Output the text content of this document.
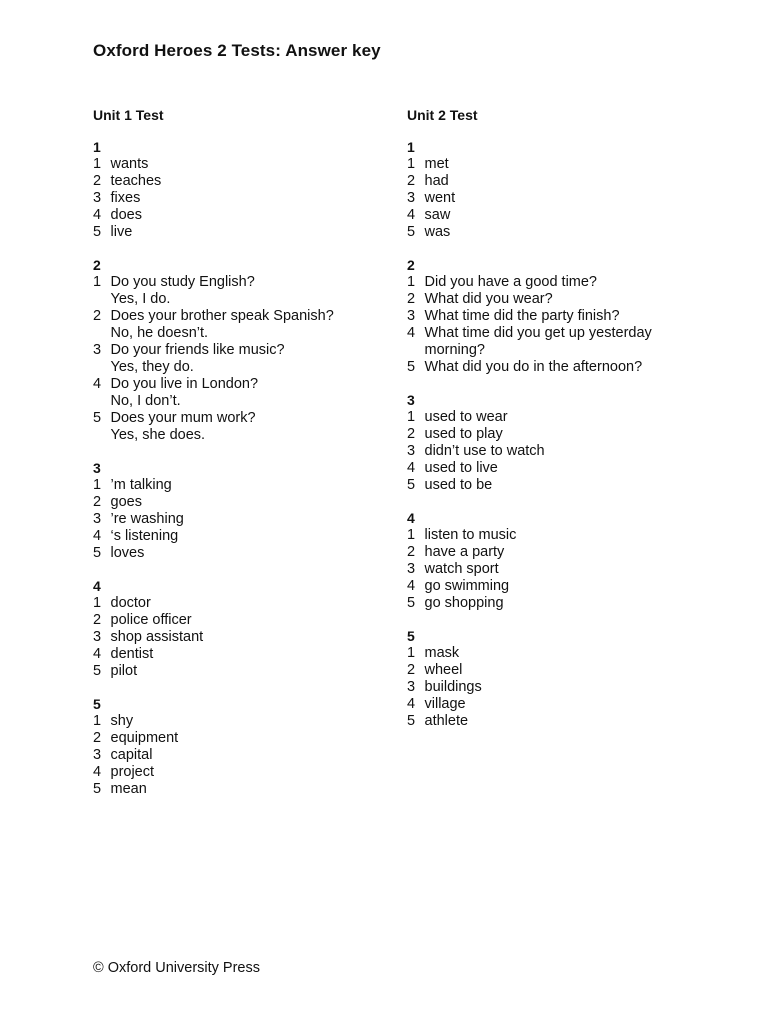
Oxford Heroes 2 Tests: Answer key
Unit 1 Test
1
1 wants
2 teaches
3 fixes
4 does
5 live
2
1 Do you study English?
Yes, I do.
2 Does your brother speak Spanish?
No, he doesn’t.
3 Do your friends like music?
Yes, they do.
4 Do you live in London?
No, I don’t.
5 Does your mum work?
Yes, she does.
3
1 ’m talking
2 goes
3 ’re washing
4 ‘s listening
5 loves
4
1 doctor
2 police officer
3 shop assistant
4 dentist
5 pilot
5
1 shy
2 equipment
3 capital
4 project
5 mean
Unit 2 Test
1
1 met
2 had
3 went
4 saw
5 was
2
1 Did you have a good time?
2 What did you wear?
3 What time did the party finish?
4 What time did you get up yesterday
morning?
5 What did you do in the afternoon?
3
1 used to wear
2 used to play
3 didn’t use to watch
4 used to live
5 used to be
4
1 listen to music
2 have a party
3 watch sport
4 go swimming
5 go shopping
5
1 mask
2 wheel
3 buildings
4 village
5 athlete
© Oxford University Press
